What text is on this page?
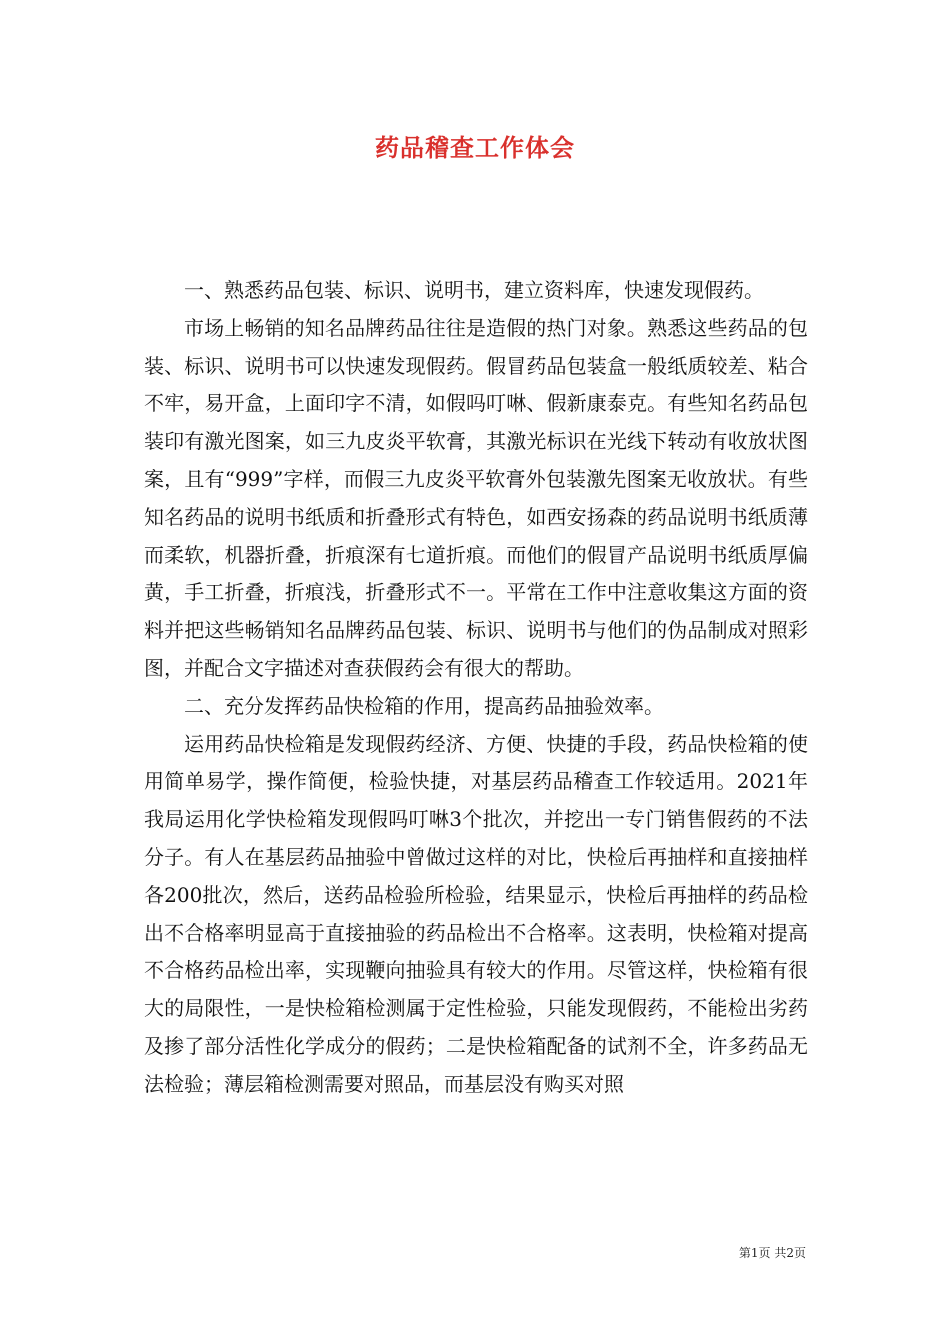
药品稽查工作体会

一、熟悉药品包装、标识、说明书，建立资料库，快速发现假药。

市场上畅销的知名品牌药品往往是造假的热门对象。熟悉这些药品的包装、标识、说明书可以快速发现假药。假冒药品包装盒一般纸质较差、粘合不牢，易开盒，上面印字不清，如假吗叮啉、假新康泰克。有些知名药品包装印有激光图案，如三九皮炎平软膏，其激光标识在光线下转动有收放状图案，且有“999”字样，而假三九皮炎平软膏外包装激先图案无收放状。有些知名药品的说明书纸质和折叠形式有特色，如西安扬森的药品说明书纸质薄而柔软，机器折叠，折痕深有七道折痕。而他们的假冒产品说明书纸质厚偏黄，手工折叠，折痕浅，折叠形式不一。平常在工作中注意收集这方面的资料并把这些畅销知名品牌药品包装、标识、说明书与他们的伪品制成对照彩图，并配合文字描述对查获假药会有很大的帮助。

二、充分发挥药品快检箱的作用，提高药品抽验效率。

运用药品快检箱是发现假药经济、方便、快捷的手段，药品快检箱的使用简单易学，操作简便，检验快捷，对基层药品稽查工作较适用。2021年我局运用化学快检箱发现假吗叮啉3个批次，并挖出一专门销售假药的不法分子。有人在基层药品抽验中曾做过这样的对比，快检后再抽样和直接抽样各200批次，然后，送药品检验所检验，结果显示，快检后再抽样的药品检出不合格率明显高于直接抽验的药品检出不合格率。这表明，快检箱对提高不合格药品检出率，实现鞭向抽验具有较大的作用。尽管这样，快检箱有很大的局限性，一是快检箱检测属于定性检验，只能发现假药，不能检出劣药及掺了部分活性化学成分的假药；二是快检箱配备的试剂不全，许多药品无法检验；薄层箱检测需要对照品，而基层没有购买对照

第1页 共2页
